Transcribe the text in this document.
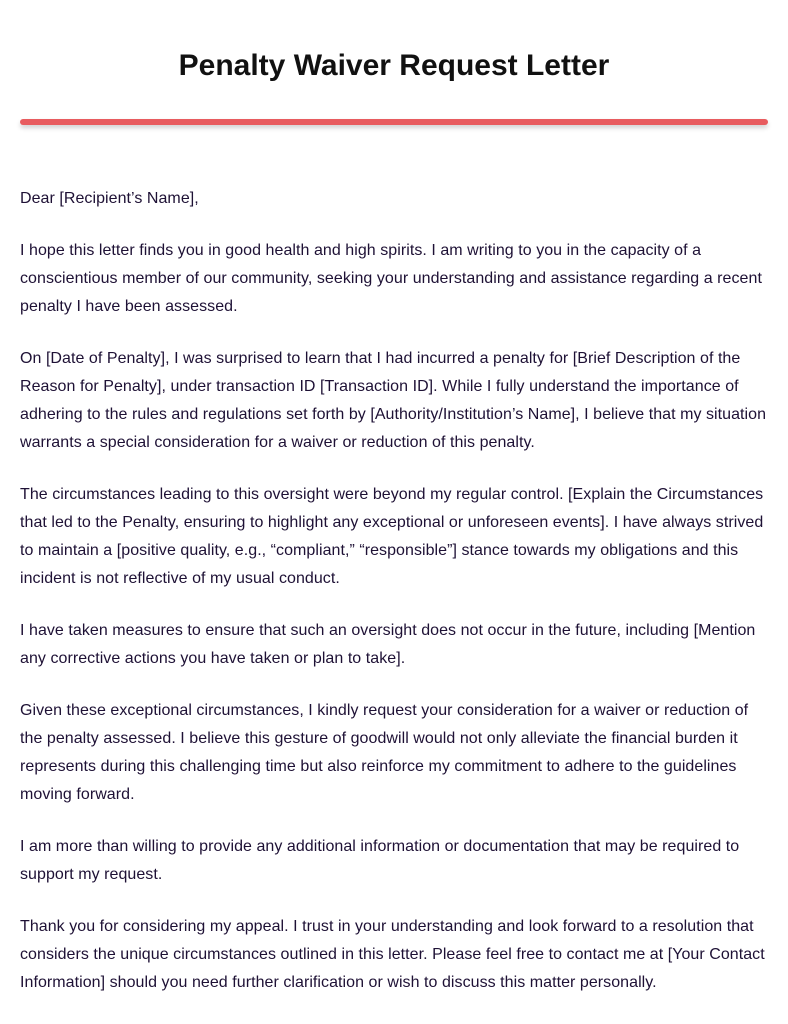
Penalty Waiver Request Letter

Dear [Recipient’s Name],

I hope this letter finds you in good health and high spirits. I am writing to you in the capacity of a conscientious member of our community, seeking your understanding and assistance regarding a recent penalty I have been assessed.

On [Date of Penalty], I was surprised to learn that I had incurred a penalty for [Brief Description of the Reason for Penalty], under transaction ID [Transaction ID]. While I fully understand the importance of adhering to the rules and regulations set forth by [Authority/Institution’s Name], I believe that my situation warrants a special consideration for a waiver or reduction of this penalty.

The circumstances leading to this oversight were beyond my regular control. [Explain the Circumstances that led to the Penalty, ensuring to highlight any exceptional or unforeseen events]. I have always strived to maintain a [positive quality, e.g., “compliant,” “responsible”] stance towards my obligations and this incident is not reflective of my usual conduct.

I have taken measures to ensure that such an oversight does not occur in the future, including [Mention any corrective actions you have taken or plan to take].

Given these exceptional circumstances, I kindly request your consideration for a waiver or reduction of the penalty assessed. I believe this gesture of goodwill would not only alleviate the financial burden it represents during this challenging time but also reinforce my commitment to adhere to the guidelines moving forward.

I am more than willing to provide any additional information or documentation that may be required to support my request.

Thank you for considering my appeal. I trust in your understanding and look forward to a resolution that considers the unique circumstances outlined in this letter. Please feel free to contact me at [Your Contact Information] should you need further clarification or wish to discuss this matter personally.
